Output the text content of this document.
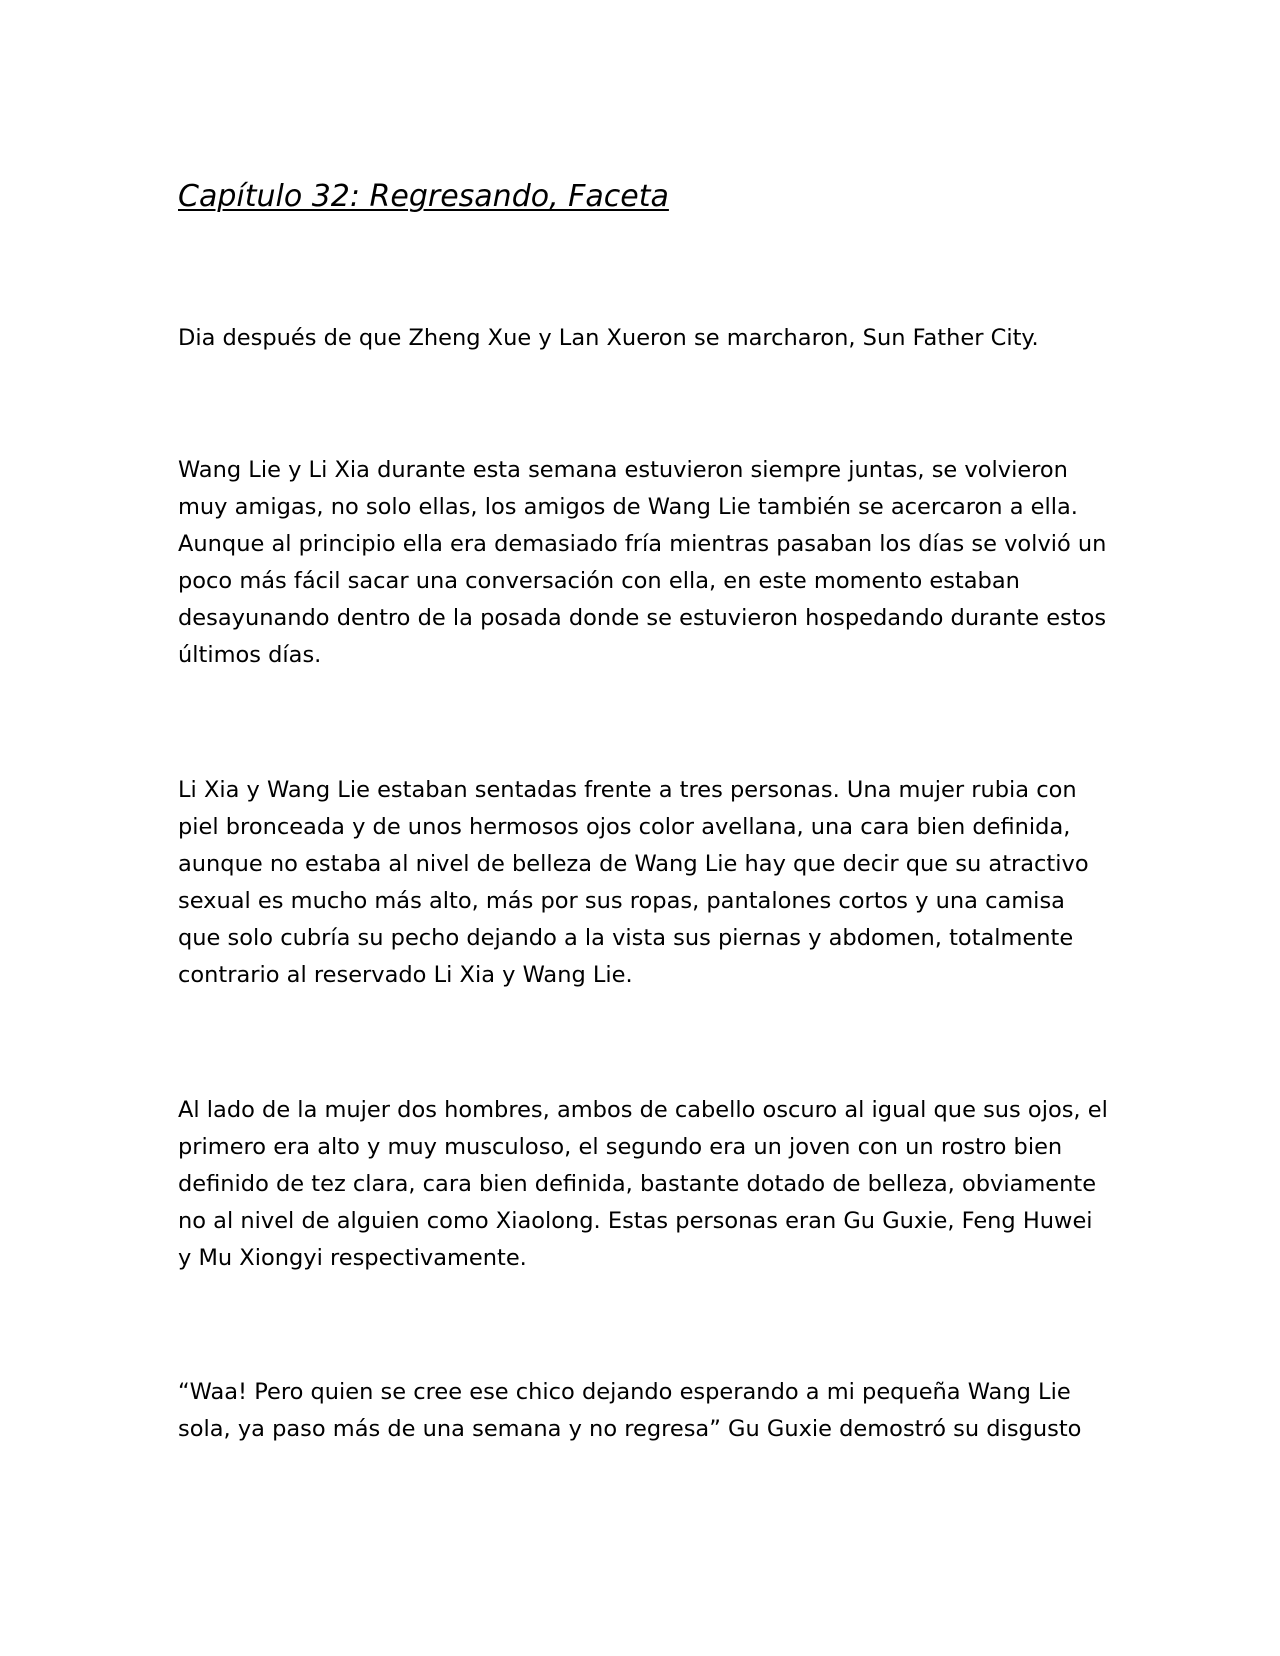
Capítulo 32: Regresando, Faceta

Dia después de que Zheng Xue y Lan Xueron se marcharon, Sun Father City.

Wang Lie y Li Xia durante esta semana estuvieron siempre juntas, se volvieron muy amigas, no solo ellas, los amigos de Wang Lie también se acercaron a ella. Aunque al principio ella era demasiado fría mientras pasaban los días se volvió un poco más fácil sacar una conversación con ella, en este momento estaban desayunando dentro de la posada donde se estuvieron hospedando durante estos últimos días.

Li Xia y Wang Lie estaban sentadas frente a tres personas. Una mujer rubia con piel bronceada y de unos hermosos ojos color avellana, una cara bien definida, aunque no estaba al nivel de belleza de Wang Lie hay que decir que su atractivo sexual es mucho más alto, más por sus ropas, pantalones cortos y una camisa que solo cubría su pecho dejando a la vista sus piernas y abdomen, totalmente contrario al reservado Li Xia y Wang Lie.

Al lado de la mujer dos hombres, ambos de cabello oscuro al igual que sus ojos, el primero era alto y muy musculoso, el segundo era un joven con un rostro bien definido de tez clara, cara bien definida, bastante dotado de belleza, obviamente no al nivel de alguien como Xiaolong. Estas personas eran Gu Guxie, Feng Huwei y Mu Xiongyi respectivamente.

“Waa! Pero quien se cree ese chico dejando esperando a mi pequeña Wang Lie sola, ya paso más de una semana y no regresa” Gu Guxie demostró su disgusto
